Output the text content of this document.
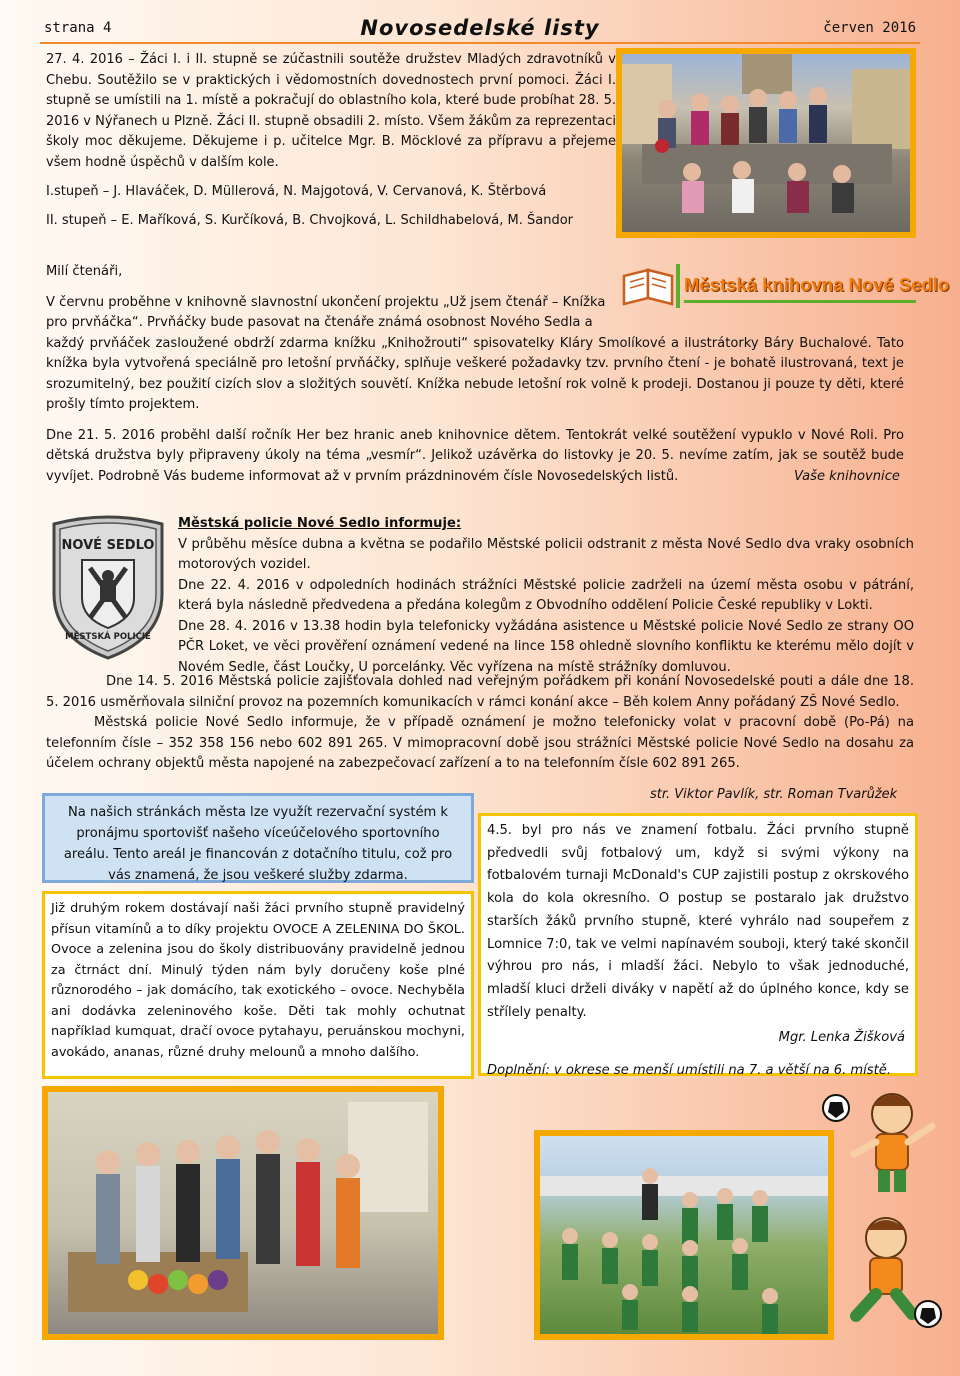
strana 4	Novosedelské listy	červen 2016

27. 4. 2016 – Žáci I. i II. stupně se zúčastnili soutěže družstev Mladých zdravotníků v Chebu. Soutěžilo se v praktických i vědomostních dovednostech první pomoci. Žáci I. stupně se umístili na 1. místě a pokračují do oblastního kola, které bude probíhat 28. 5. 2016 v Nýřanech u Plzně. Žáci II. stupně obsadili 2. místo. Všem žákům za reprezentaci školy moc děkujeme. Děkujeme i p. učitelce Mgr. B. Möcklové za přípravu a přejeme všem hodně úspěchů v dalším kole.

I.stupeň – J. Hlaváček, D. Müllerová, N. Majgotová, V. Cervanová, K. Štěrbová

II. stupeň – E. Maříková, S. Kurčíková, B. Chvojková, L. Schildhabelová, M. Šandor

Milí čtenáři,

V červnu proběhne v knihovně slavnostní ukončení projektu „Už jsem čtenář – Knížka

pro prvňáčka“. Prvňáčky bude pasovat na čtenáře známá osobnost Nového Sedla a

každý prvňáček zasloužené obdrží zdarma knížku „Knihožrouti“ spisovatelky Kláry Smolíkové a ilustrátorky Báry Buchalové. Tato knížka byla vytvořená speciálně pro letošní prvňáčky, splňuje veškeré požadavky tzv. prvního čtení - je bohatě ilustrovaná, text je srozumitelný, bez použití cizích slov a složitých souvětí. Knížka nebude letošní rok volně k prodeji. Dostanou ji pouze ty děti, které prošly tímto projektem.

Dne 21. 5. 2016 proběhl další ročník Her bez hranic aneb knihovnice dětem. Tentokrát velké soutěžení vypuklo v Nové Roli. Pro dětská družstva byly připraveny úkoly na téma „vesmír“. Jelikož uzávěrka do listovky je 20. 5. nevíme zatím, jak se soutěž bude vyvíjet. Podrobně Vás budeme informovat až v prvním prázdninovém čísle Novosedelských listů.	Vaše knihovnice
Městská knihovna Nové Sedlo
NOVÉ SEDLO
MĚSTSKÁ POLICIE

Městská policie Nové Sedlo informuje:

V průběhu měsíce dubna a května se podařilo Městské policii odstranit z města Nové Sedlo dva vraky osobních motorových vozidel.

Dne 22. 4. 2016 v odpoledních hodinách strážníci Městské policie zadrželi na území města osobu v pátrání, která byla následně předvedena a předána kolegům z Obvodního oddělení Policie České republiky v Lokti.

Dne 28. 4. 2016 v 13.38 hodin byla telefonicky vyžádána asistence u Městské policie Nové Sedlo ze strany OO PČR Loket, ve věci prověření oznámení vedené na lince 158 ohledně slovního konfliktu ke kterému mělo dojít v Novém Sedle, část Loučky, U porcelánky. Věc vyřízena na místě strážníky domluvou.

Dne 14. 5. 2016 Městská policie zajišťovala dohled nad veřejným pořádkem při konání Novosedelské pouti a dále dne 18. 5. 2016 usměrňovala silniční provoz na pozemních komunikacích v rámci konání akce – Běh kolem Anny pořádaný ZŠ Nové Sedlo.

Městská policie Nové Sedlo informuje, že v případě oznámení je možno telefonicky volat v pracovní době (Po-Pá) na telefonním čísle – 352 358 156 nebo 602 891 265. V mimopracovní době jsou strážníci Městské policie Nové Sedlo na dosahu za účelem ochrany objektů města napojené na zabezpečovací zařízení a to na telefonním čísle 602 891 265.

str. Viktor Pavlík, str. Roman Tvarůžek

Na našich stránkách města lze využít rezervační systém k pronájmu sportovišť našeho víceúčelového sportovního areálu. Tento areál je financován z dotačního titulu, což pro vás znamená, že jsou veškeré služby zdarma.

Již druhým rokem dostávají naši žáci prvního stupně pravidelný přísun vitamínů a to díky projektu OVOCE A ZELENINA DO ŠKOL. Ovoce a zelenina jsou do školy distribuovány pravidelně jednou za čtrnáct dní. Minulý týden nám byly doručeny koše plné různorodého – jak domácího, tak exotického – ovoce. Nechyběla ani dodávka zeleninového koše. Děti tak mohly ochutnat například kumquat, dračí ovoce pytahayu, peruánskou mochyni, avokádo, ananas, různé druhy melounů a mnoho dalšího.

4.5. byl pro nás ve znamení fotbalu. Žáci prvního stupně předvedli svůj fotbalový um, když si svými výkony na fotbalovém turnaji McDonald's CUP zajistili postup z okrskového kola do kola okresního. O postup se postaralo jak družstvo starších žáků prvního stupně, které vyhrálo nad soupeřem z Lomnice 7:0, tak ve velmi napínavém souboji, který také skončil výhrou pro nás, i mladší žáci. Nebylo to však jednoduché, mladší kluci drželi diváky v napětí až do úplného konce, kdy se střílely penalty.

Mgr. Lenka Žišková

Doplnění: v okrese se menší umístili na 7. a větší na 6. místě.
